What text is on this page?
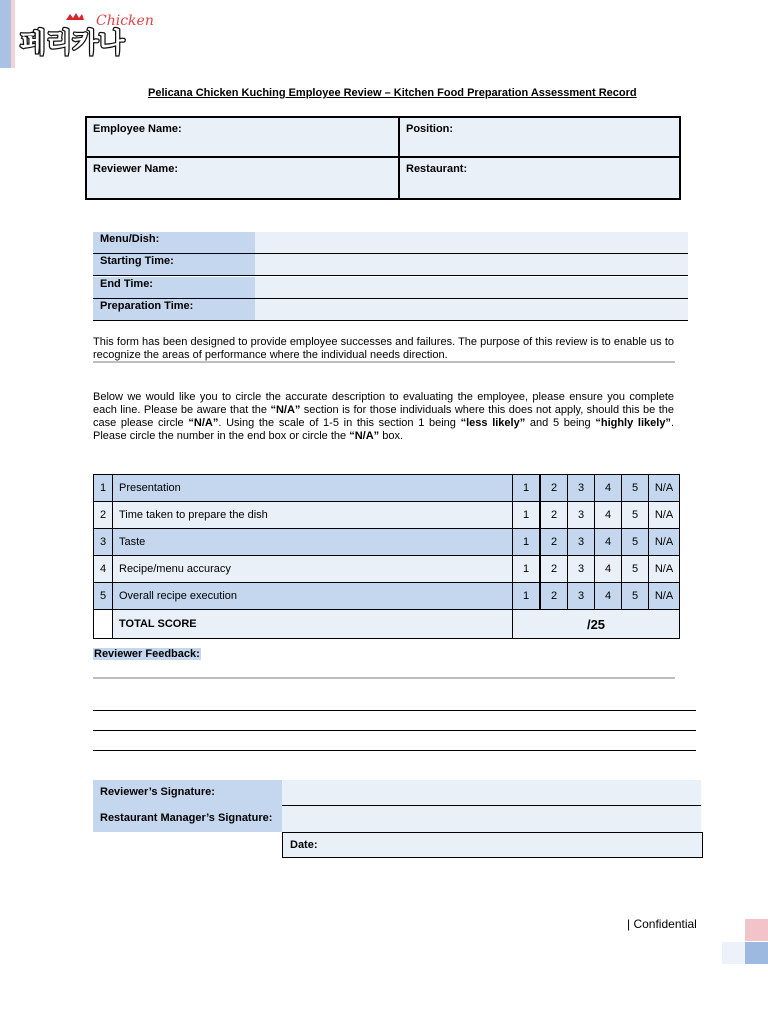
페리카나
Chicken
Pelicana Chicken Kuching Employee Review – Kitchen Food Preparation Assessment Record
Employee Name:	Position:
Reviewer Name:	Restaurant:
Menu/Dish:
Starting Time:
End Time:
Preparation Time:
This form has been designed to provide employee successes and failures. The purpose of this review is to enable us to recognize the areas of performance where the individual needs direction.
Below we would like you to circle the accurate description to evaluating the employee, please ensure you complete each line. Please be aware that the “N/A” section is for those individuals where this does not apply, should this be the case please circle “N/A”. Using the scale of 1-5 in this section 1 being “less likely” and 5 being “highly likely”. Please circle the number in the end box or circle the “N/A” box.
1	Presentation	1	2	3	4	5	N/A
2	Time taken to prepare the dish	1	2	3	4	5	N/A
3	Taste	1	2	3	4	5	N/A
4	Recipe/menu accuracy	1	2	3	4	5	N/A
5	Overall recipe execution	1	2	3	4	5	N/A
	TOTAL SCORE	/25					
Reviewer Feedback:
Reviewer’s Signature:
Restaurant Manager’s Signature:
Date:
| Confidential
